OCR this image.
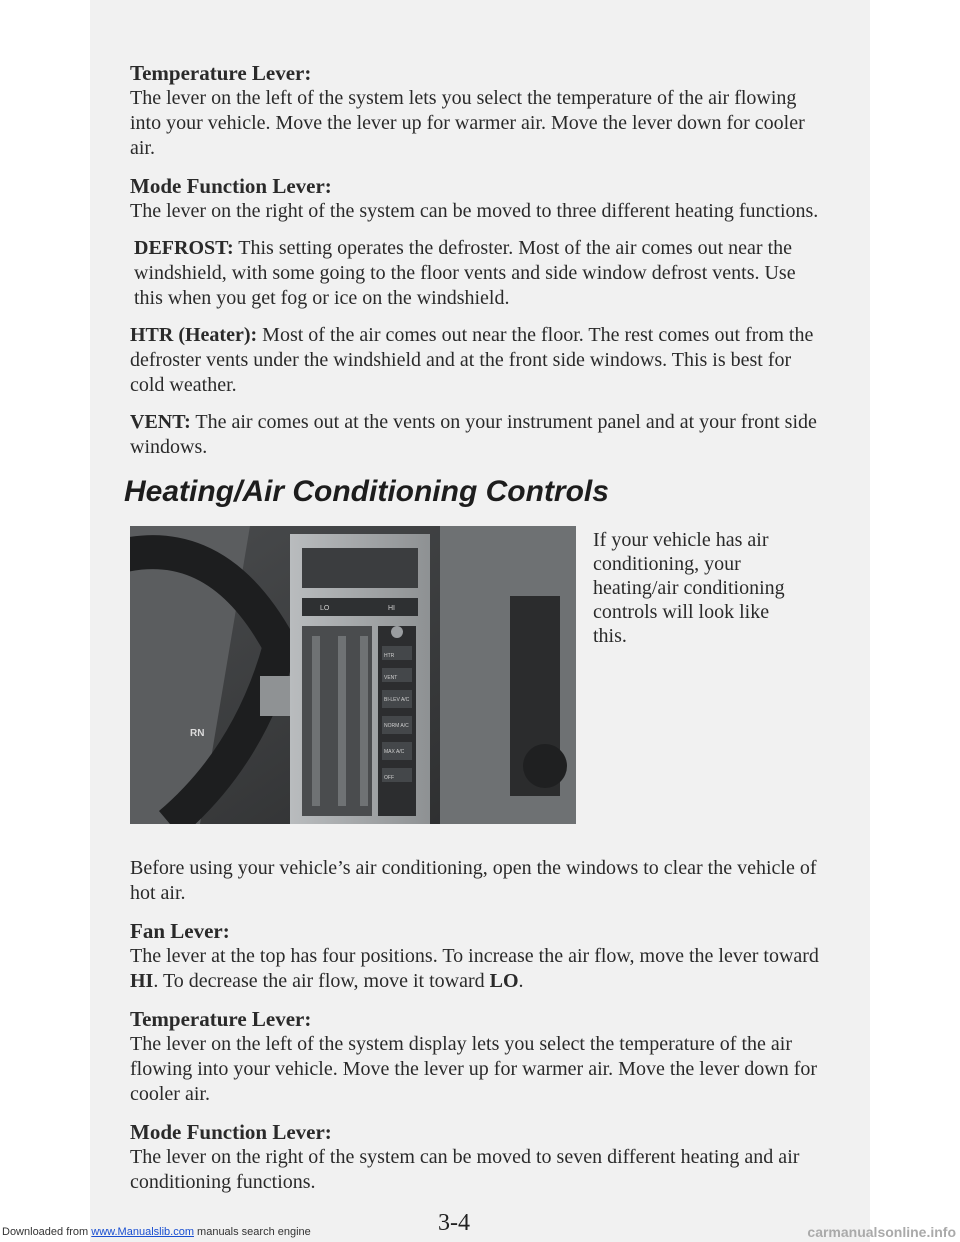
Temperature Lever:

The lever on the left of the system lets you select the temperature of the air flowing into your vehicle. Move the lever up for warmer air. Move the lever down for cooler air.

Mode Function Lever:

The lever on the right of the system can be moved to three different heating functions.

DEFROST: This setting operates the defroster. Most of the air comes out near the windshield, with some going to the floor vents and side window defrost vents. Use this when you get fog or ice on the windshield.

HTR (Heater): Most of the air comes out near the floor. The rest comes out from the defroster vents under the windshield and at the front side windows. This is best for cold weather.

VENT: The air comes out at the vents on your instrument panel and at your front side windows.

Heating/Air Conditioning Controls
RN
LO	HI
HTR
VENT
BI-LEV A/C
NORM A/C
MAX A/C
OFF
If your vehicle has air conditioning, your heating/air conditioning controls will look like this.

Before using your vehicle’s air conditioning, open the windows to clear the vehicle of hot air.

Fan Lever:

The lever at the top has four positions. To increase the air flow, move the lever toward HI. To decrease the air flow, move it toward LO.

Temperature Lever:

The lever on the left of the system display lets you select the temperature of the air flowing into your vehicle. Move the lever up for warmer air. Move the lever down for cooler air.

Mode Function Lever:

The lever on the right of the system can be moved to seven different heating and air conditioning functions.

Downloaded from www.Manualslib.com manuals search engine	3-4	carmanualsonline.info
